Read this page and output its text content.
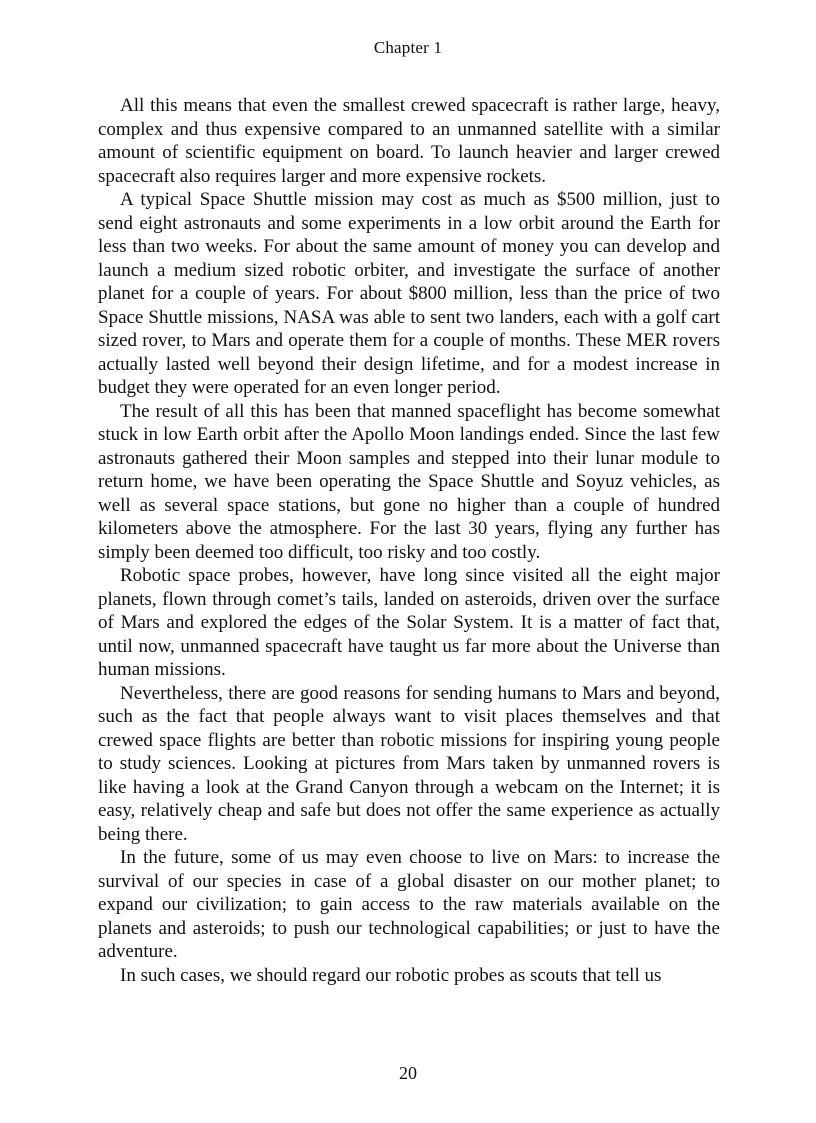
Chapter 1

All this means that even the smallest crewed spacecraft is rather large, heavy, complex and thus expensive compared to an unmanned satellite with a similar amount of scientific equipment on board. To launch heavier and larger crewed spacecraft also requires larger and more expensive rockets.

A typical Space Shuttle mission may cost as much as $500 million, just to send eight astronauts and some experiments in a low orbit around the Earth for less than two weeks. For about the same amount of money you can develop and launch a medium sized robotic orbiter, and investigate the surface of another planet for a couple of years. For about $800 million, less than the price of two Space Shuttle missions, NASA was able to sent two landers, each with a golf cart sized rover, to Mars and operate them for a couple of months. These MER rovers actually lasted well beyond their design lifetime, and for a modest increase in budget they were operated for an even longer period.

The result of all this has been that manned spaceflight has become somewhat stuck in low Earth orbit after the Apollo Moon landings ended. Since the last few astronauts gathered their Moon samples and stepped into their lunar module to return home, we have been operating the Space Shuttle and Soyuz vehicles, as well as several space stations, but gone no higher than a couple of hundred kilometers above the atmosphere. For the last 30 years, flying any further has simply been deemed too difficult, too risky and too costly.

Robotic space probes, however, have long since visited all the eight major planets, flown through comet’s tails, landed on asteroids, driven over the surface of Mars and explored the edges of the Solar System. It is a matter of fact that, until now, unmanned spacecraft have taught us far more about the Universe than human missions.

Nevertheless, there are good reasons for sending humans to Mars and beyond, such as the fact that people always want to visit places themselves and that crewed space flights are better than robotic missions for inspiring young people to study sciences. Looking at pictures from Mars taken by unmanned rovers is like having a look at the Grand Canyon through a webcam on the Internet; it is easy, relatively cheap and safe but does not offer the same experience as actually being there.

In the future, some of us may even choose to live on Mars: to increase the survival of our species in case of a global disaster on our mother planet; to expand our civilization; to gain access to the raw materials available on the planets and asteroids; to push our technological capabilities; or just to have the adventure.

In such cases, we should regard our robotic probes as scouts that tell us

20
